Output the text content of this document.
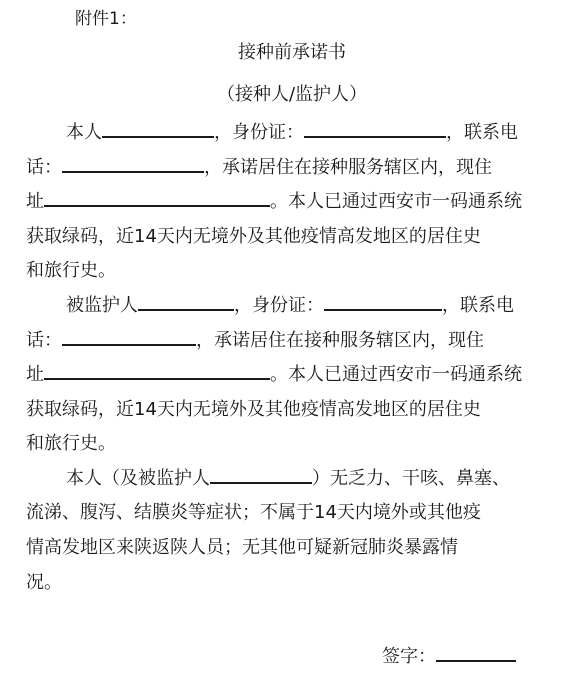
附件1：
接种前承诺书
（接种人/监护人）
本人	，身份证：	，联系电
话：	，承诺居住在接种服务辖区内，现住
址	。本人已通过西安市一码通系统
获取绿码，近14天内无境外及其他疫情高发地区的居住史
和旅行史。
被监护人	，身份证：	，联系电
话：	，承诺居住在接种服务辖区内，现住
址	。本人已通过西安市一码通系统
获取绿码，近14天内无境外及其他疫情高发地区的居住史
和旅行史。
本人（及被监护人	）无乏力、干咳、鼻塞、
流涕、腹泻、结膜炎等症状；不属于14天内境外或其他疫
情高发地区来陕返陕人员；无其他可疑新冠肺炎暴露情
况。
签字：
